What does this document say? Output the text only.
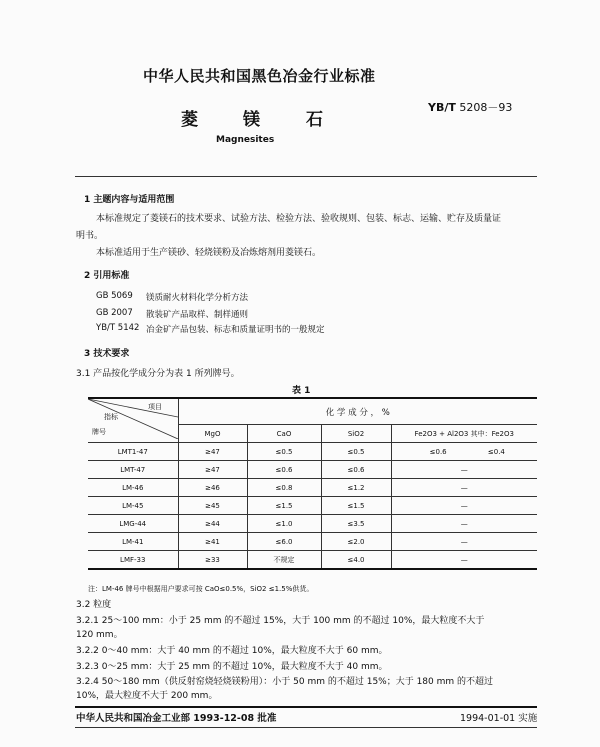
中华人民共和国黑色冶金行业标准
菱	镁	石
YB/T 5208－93
Magnesites
1 主题内容与适用范围
本标准规定了菱镁石的技术要求、试验方法、检验方法、验收规则、包装、标志、运输、贮存及质量证
明书。
本标准适用于生产镁砂、轻烧镁粉及冶炼熔剂用菱镁石。
2 引用标准
GB 5069 镁质耐火材料化学分析方法
GB 2007 散装矿产品取样、制样通则
YB/T 5142 冶金矿产品包装、标志和质量证明书的一般规定
3 技术要求
3.1 产品按化学成分分为表 1 所列牌号。
表 1
项目
指标
牌号	化 学 成 分 ， %			
	MgO	CaO	SiO2	Fe2O3 + Al2O3 其中：Fe2O3
LMT1-47	≥47	≤0.5	≤0.5	≤0.6 ≤0.4
LMT-47	≥47	≤0.6	≤0.6	—
LM-46	≥46	≤0.8	≤1.2	—
LM-45	≥45	≤1.5	≤1.5	—
LMG-44	≥44	≤1.0	≤3.5	—
LM-41	≥41	≤6.0	≤2.0	—
LMF-33	≥33	不规定	≤4.0	—
注：LM-46 牌号中根据用户要求可按 CaO≤0.5%，SiO2 ≤1.5%供货。
3.2 粒度
3.2.1 25～100 mm：小于 25 mm 的不超过 15%，大于 100 mm 的不超过 10%，最大粒度不大于
120 mm。
3.2.2 0～40 mm：大于 40 mm 的不超过 10%，最大粒度不大于 60 mm。
3.2.3 0～25 mm：大于 25 mm 的不超过 10%，最大粒度不大于 40 mm。
3.2.4 50～180 mm（供反射窑烧轻烧镁粉用）：小于 50 mm 的不超过 15%；大于 180 mm 的不超过
10%，最大粒度不大于 200 mm。
中华人民共和国冶金工业部 1993-12-08 批准	1994-01-01 实施
